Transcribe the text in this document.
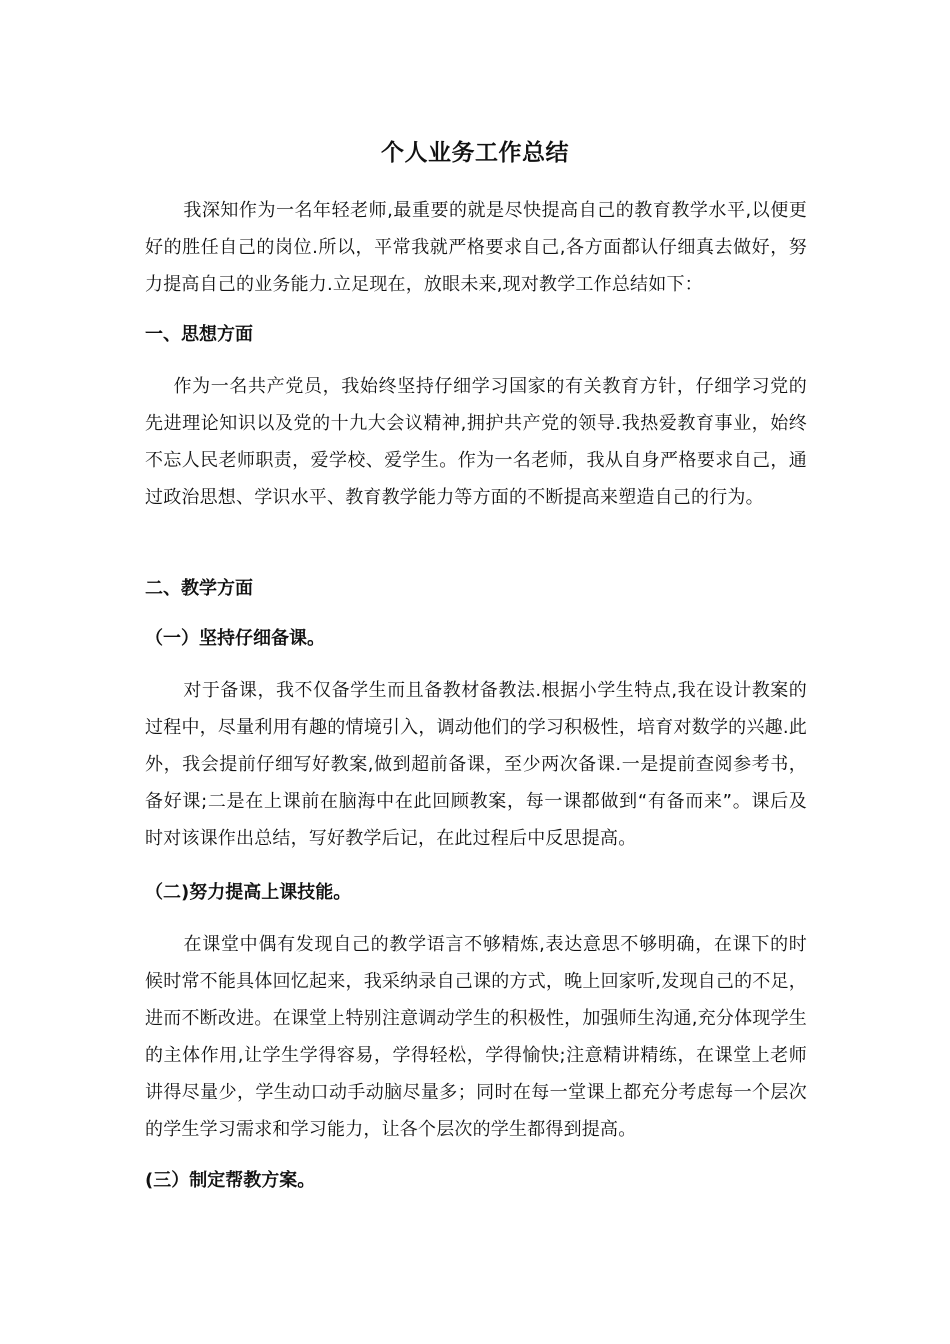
个人业务工作总结
我深知作为一名年轻老师,最重要的就是尽快提高自己的教育教学水平,以便更好的胜任自己的岗位.所以，平常我就严格要求自己,各方面都认仔细真去做好，努力提高自己的业务能力.立足现在，放眼未来,现对教学工作总结如下：
一、思想方面
作为一名共产党员，我始终坚持仔细学习国家的有关教育方针，仔细学习党的先进理论知识以及党的十九大会议精神,拥护共产党的领导.我热爱教育事业，始终不忘人民老师职责，爱学校、爱学生。作为一名老师，我从自身严格要求自己，通过政治思想、学识水平、教育教学能力等方面的不断提高来塑造自己的行为。
二、教学方面
（一）坚持仔细备课。
对于备课，我不仅备学生而且备教材备教法.根据小学生特点,我在设计教案的过程中，尽量利用有趣的情境引入，调动他们的学习积极性，培育对数学的兴趣.此外，我会提前仔细写好教案,做到超前备课，至少两次备课.一是提前查阅参考书，备好课;二是在上课前在脑海中在此回顾教案，每一课都做到“有备而来”。课后及时对该课作出总结，写好教学后记，在此过程后中反思提高。
（二)努力提高上课技能。
在课堂中偶有发现自己的教学语言不够精炼,表达意思不够明确，在课下的时候时常不能具体回忆起来，我采纳录自己课的方式，晚上回家听,发现自己的不足，进而不断改进。在课堂上特别注意调动学生的积极性，加强师生沟通,充分体现学生的主体作用,让学生学得容易，学得轻松，学得愉快;注意精讲精练，在课堂上老师讲得尽量少，学生动口动手动脑尽量多；同时在每一堂课上都充分考虑每一个层次的学生学习需求和学习能力，让各个层次的学生都得到提高。
(三）制定帮教方案。
